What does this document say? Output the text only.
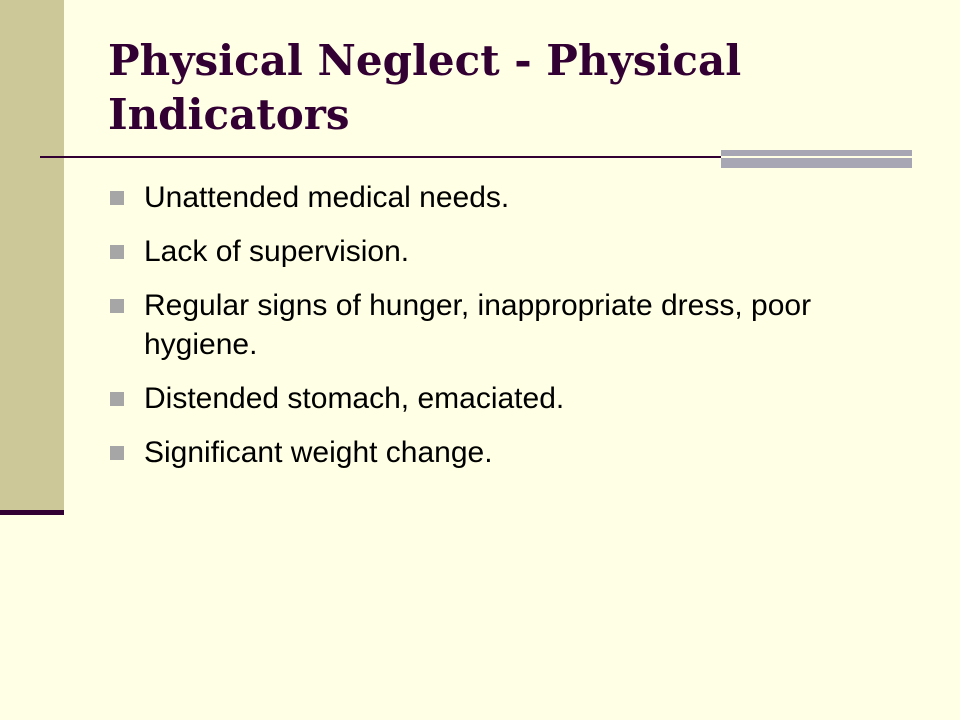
Physical Neglect - Physical Indicators
Unattended medical needs.
Lack of supervision.
Regular signs of hunger, inappropriate dress, poor hygiene.
Distended stomach, emaciated.
Significant weight change.
